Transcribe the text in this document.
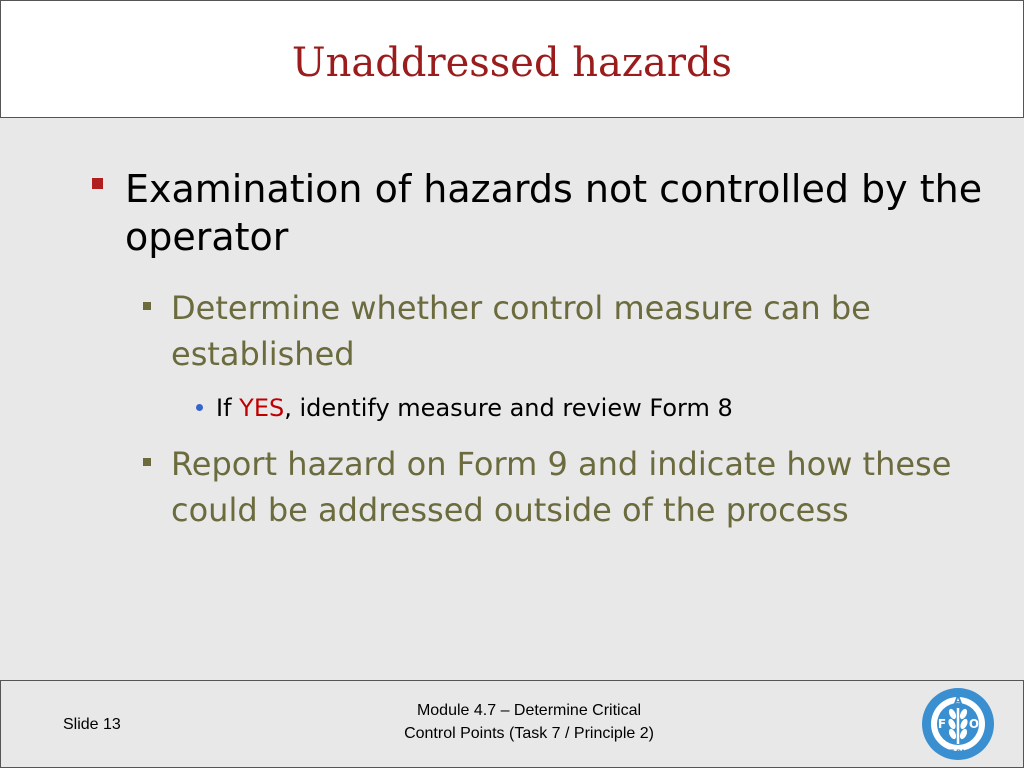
Unaddressed hazards
Examination of hazards not controlled by the operator
Determine whether control measure can be established
If YES, identify measure and review Form 8
Report hazard on Form 9 and indicate how these could be addressed outside of the process
Slide 13
Module 4.7 – Determine Critical
Control Points (Task 7 / Principle 2)
F
A
O
FIAT PANIS
